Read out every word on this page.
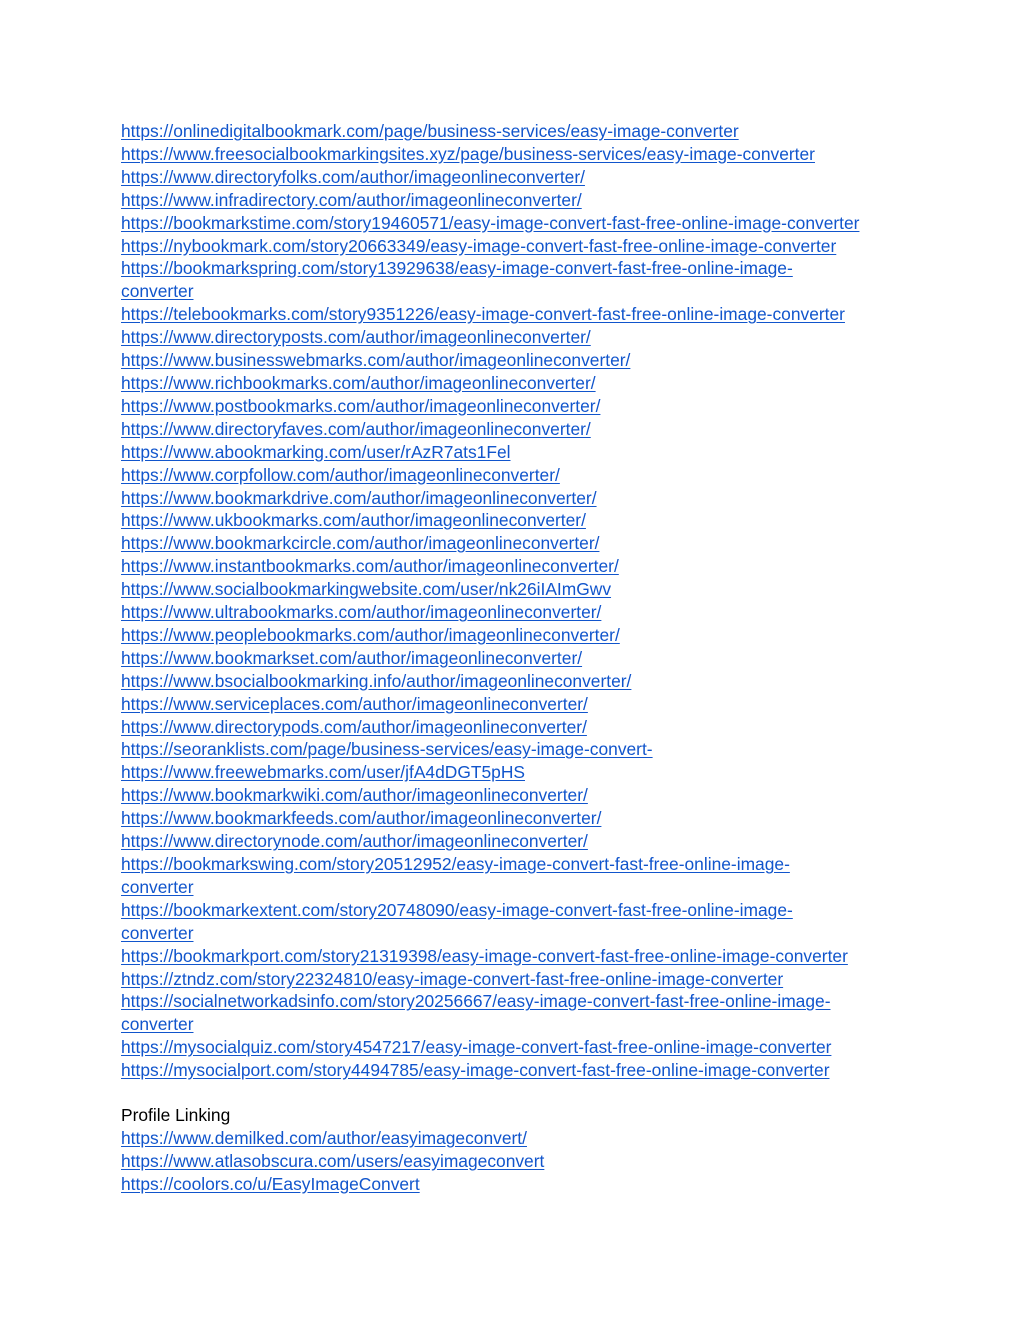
https://onlinedigitalbookmark.com/page/business-services/easy-image-converter
https://www.freesocialbookmarkingsites.xyz/page/business-services/easy-image-converter
https://www.directoryfolks.com/author/imageonlineconverter/
https://www.infradirectory.com/author/imageonlineconverter/
https://bookmarkstime.com/story19460571/easy-image-convert-fast-free-online-image-converter
https://nybookmark.com/story20663349/easy-image-convert-fast-free-online-image-converter
https://bookmarkspring.com/story13929638/easy-image-convert-fast-free-online-image-
converter
https://telebookmarks.com/story9351226/easy-image-convert-fast-free-online-image-converter
https://www.directoryposts.com/author/imageonlineconverter/
https://www.businesswebmarks.com/author/imageonlineconverter/
https://www.richbookmarks.com/author/imageonlineconverter/
https://www.postbookmarks.com/author/imageonlineconverter/
https://www.directoryfaves.com/author/imageonlineconverter/
https://www.abookmarking.com/user/rAzR7ats1Fel
https://www.corpfollow.com/author/imageonlineconverter/
https://www.bookmarkdrive.com/author/imageonlineconverter/
https://www.ukbookmarks.com/author/imageonlineconverter/
https://www.bookmarkcircle.com/author/imageonlineconverter/
https://www.instantbookmarks.com/author/imageonlineconverter/
https://www.socialbookmarkingwebsite.com/user/nk26iIAImGwv
https://www.ultrabookmarks.com/author/imageonlineconverter/
https://www.peoplebookmarks.com/author/imageonlineconverter/
https://www.bookmarkset.com/author/imageonlineconverter/
https://www.bsocialbookmarking.info/author/imageonlineconverter/
https://www.serviceplaces.com/author/imageonlineconverter/
https://www.directorypods.com/author/imageonlineconverter/
https://seoranklists.com/page/business-services/easy-image-convert-
https://www.freewebmarks.com/user/jfA4dDGT5pHS
https://www.bookmarkwiki.com/author/imageonlineconverter/
https://www.bookmarkfeeds.com/author/imageonlineconverter/
https://www.directorynode.com/author/imageonlineconverter/
https://bookmarkswing.com/story20512952/easy-image-convert-fast-free-online-image-
converter
https://bookmarkextent.com/story20748090/easy-image-convert-fast-free-online-image-
converter
https://bookmarkport.com/story21319398/easy-image-convert-fast-free-online-image-converter
https://ztndz.com/story22324810/easy-image-convert-fast-free-online-image-converter
https://socialnetworkadsinfo.com/story20256667/easy-image-convert-fast-free-online-image-
converter
https://mysocialquiz.com/story4547217/easy-image-convert-fast-free-online-image-converter
https://mysocialport.com/story4494785/easy-image-convert-fast-free-online-image-converter
Profile Linking
https://www.demilked.com/author/easyimageconvert/
https://www.atlasobscura.com/users/easyimageconvert
https://coolors.co/u/EasyImageConvert
